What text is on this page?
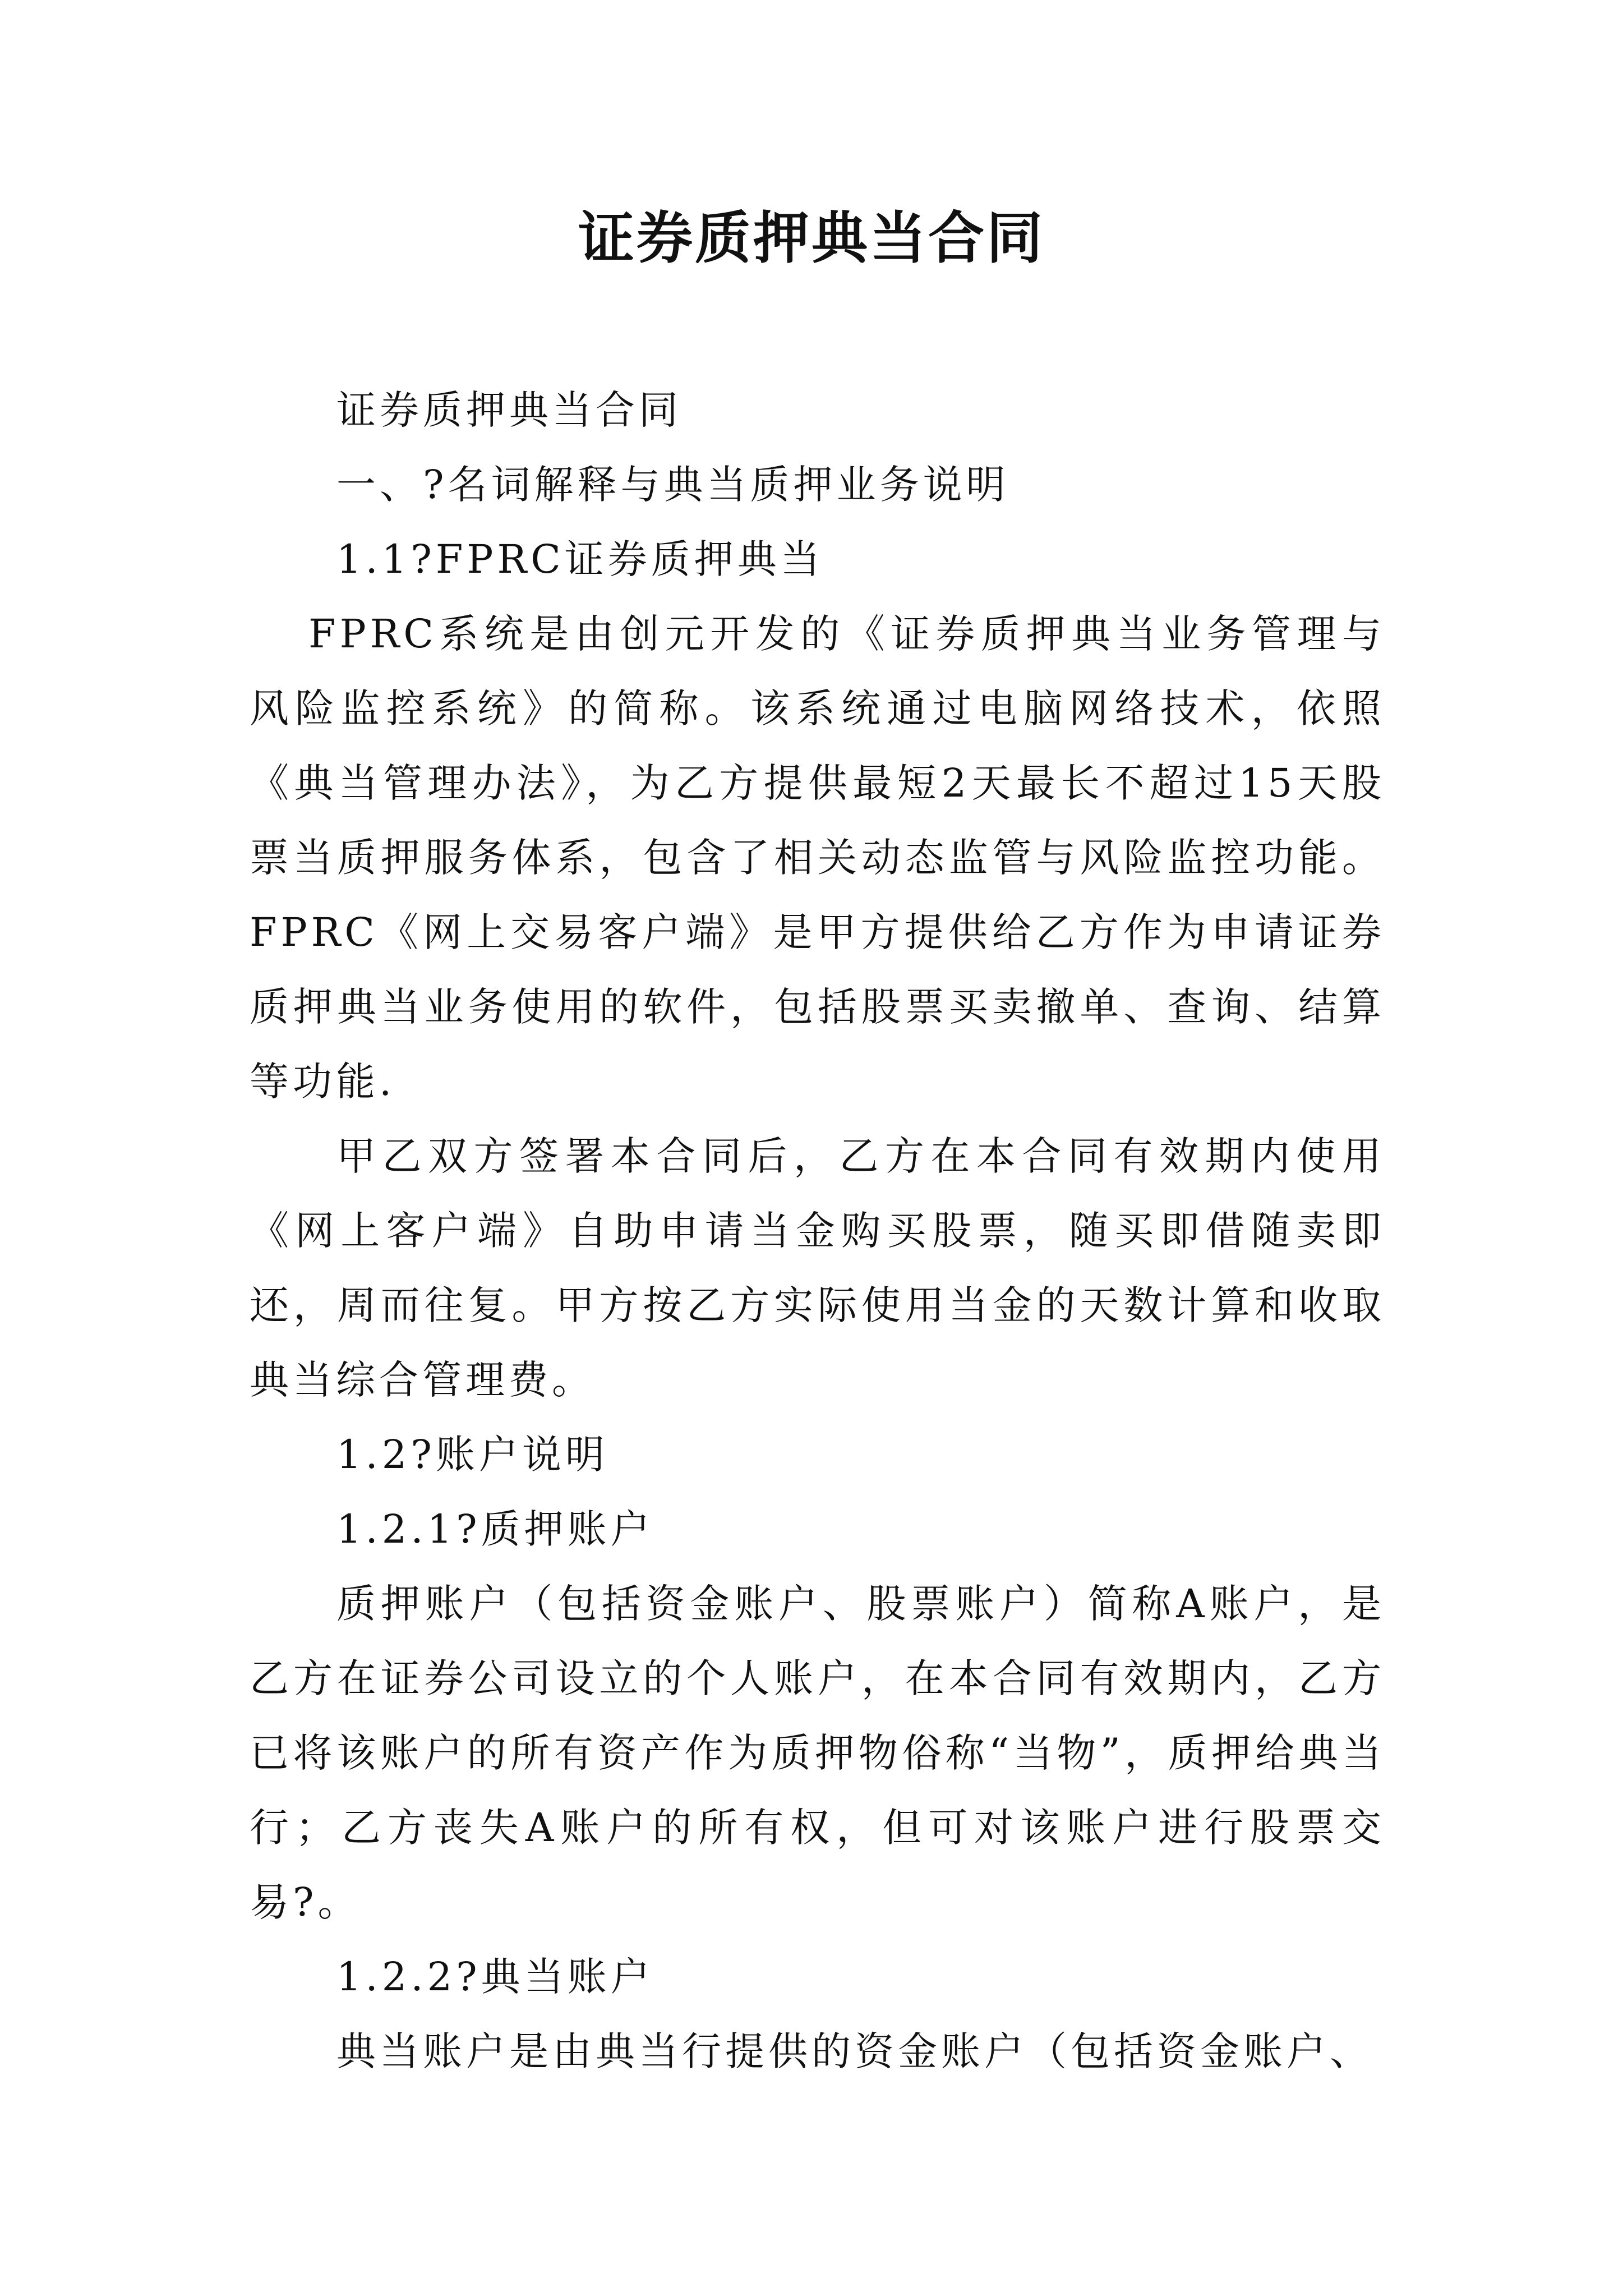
证券质押典当合同

证券质押典当合同

一、?名词解释与典当质押业务说明

1.1?FPRC证券质押典当

FPRC系统是由创元开发的《证券质押典当业务管理与风险监控系统》的简称。该系统通过电脑网络技术，依照《典当管理办法》，为乙方提供最短2天最长不超过15天股票当质押服务体系，包含了相关动态监管与风险监控功能。FPRC《网上交易客户端》是甲方提供给乙方作为申请证券质押典当业务使用的软件，包括股票买卖撤单、查询、结算等功能.

甲乙双方签署本合同后，乙方在本合同有效期内使用《网上客户端》自助申请当金购买股票，随买即借随卖即还，周而往复。甲方按乙方实际使用当金的天数计算和收取典当综合管理费。

1.2?账户说明

1.2.1?质押账户

质押账户（包括资金账户、股票账户）简称A账户，是乙方在证券公司设立的个人账户，在本合同有效期内，乙方已将该账户的所有资产作为质押物俗称“当物”，质押给典当行；乙方丧失A账户的所有权，但可对该账户进行股票交易?。

1.2.2?典当账户

典当账户是由典当行提供的资金账户（包括资金账户、
